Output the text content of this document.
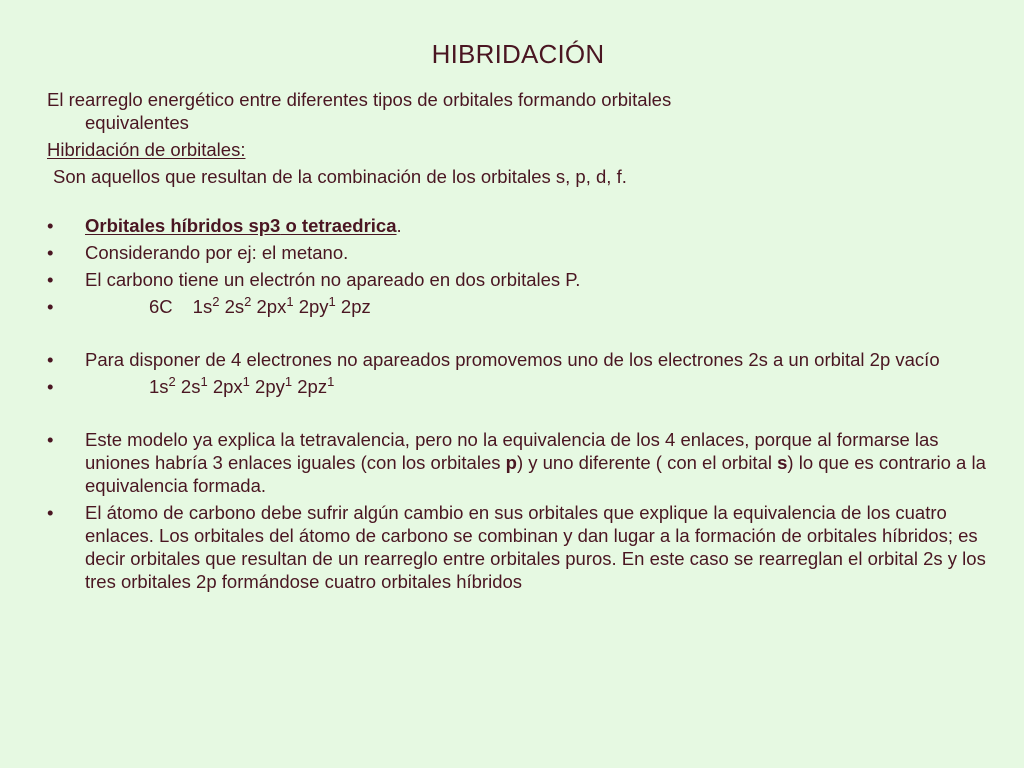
HIBRIDACIÓN

El rearreglo energético entre diferentes tipos de orbitales formando orbitales
equivalentes

Hibridación de orbitales:

Son aquellos que resultan de la combinación de los orbitales s, p, d, f.

• Orbitales híbridos sp3 o tetraedrica.
• Considerando por ej: el metano.
• El carbono tiene un electrón no apareado en dos orbitales P.
•	6C $1s^2$ $2s^2$ $2px^1$ $2py^1$ 2pz
• Para disponer de 4 electrones no apareados promovemos uno de los electrones 2s a un orbital 2p vacío
•	$1s^2$ $2s^1$ $2px^1$ $2py^1$ $2pz^1$
• Este modelo ya explica la tetravalencia, pero no la equivalencia de los 4 enlaces, porque al formarse las uniones habría 3 enlaces iguales (con los orbitales p) y uno diferente ( con el orbital s) lo que es contrario a la equivalencia formada.
• El átomo de carbono debe sufrir algún cambio en sus orbitales que explique la equivalencia de los cuatro enlaces. Los orbitales del átomo de carbono se combinan y dan lugar a la formación de orbitales híbridos; es decir orbitales que resultan de un rearreglo entre orbitales puros. En este caso se rearreglan el orbital 2s y los tres orbitales 2p formándose cuatro orbitales híbridos
